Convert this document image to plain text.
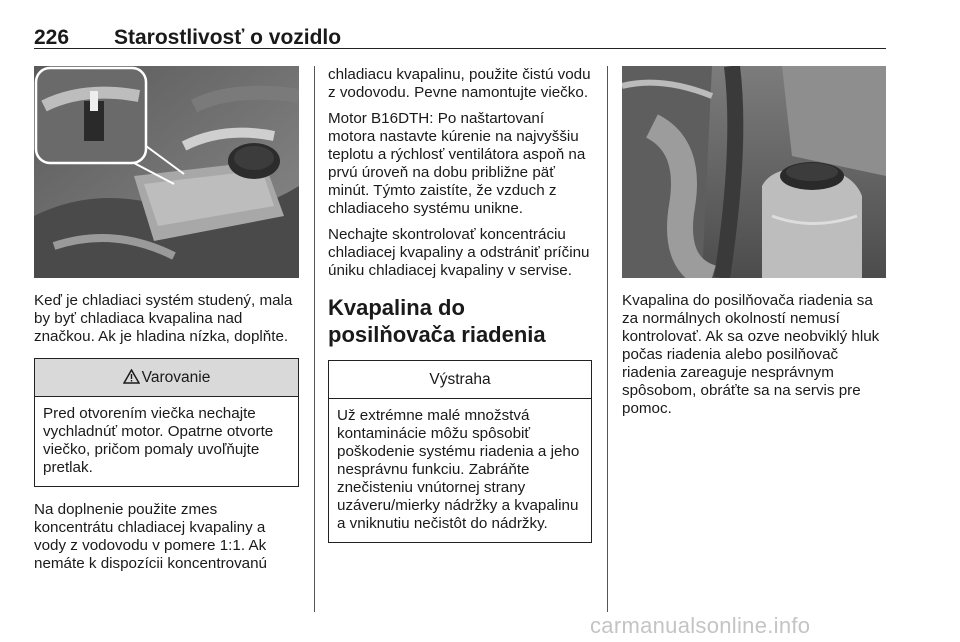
226 Starostlivosť o vozidlo

Keď je chladiaci systém studený, mala by byť chladiaca kvapalina nad značkou. Ak je hladina nízka, doplňte.

Varovanie

Pred otvorením viečka nechajte vychladnúť motor. Opatrne otvorte viečko, pričom pomaly uvoľňujte pretlak.

Na doplnenie použite zmes koncentrátu chladiacej kvapaliny a vody z vodovodu v pomere 1:1. Ak nemáte k dispozícii koncentrovanú

chladiacu kvapalinu, použite čistú vodu z vodovodu. Pevne namontujte viečko.

Motor B16DTH: Po naštartovaní motora nastavte kúrenie na najvyššiu teplotu a rýchlosť ventilátora aspoň na prvú úroveň na dobu približne päť minút. Týmto zaistíte, že vzduch z chladiaceho systému unikne.

Nechajte skontrolovať koncentráciu chladiacej kvapaliny a odstrániť príčinu úniku chladiacej kvapaliny v servise.

Kvapalina do posilňovača riadenia
Výstraha

Už extrémne malé množstvá kontaminácie môžu spôsobiť poškodenie systému riadenia a jeho nesprávnu funkciu. Zabráňte znečisteniu vnútornej strany uzáveru/mierky nádržky a kvapalinu a vniknutiu nečistôt do nádržky.

Kvapalina do posilňovača riadenia sa za normálnych okolností nemusí kontrolovať. Ak sa ozve neobviklý hluk počas riadenia alebo posilňovač riadenia zareaguje nesprávnym spôsobom, obráťte sa na servis pre pomoc.

carmanualsonline.info
